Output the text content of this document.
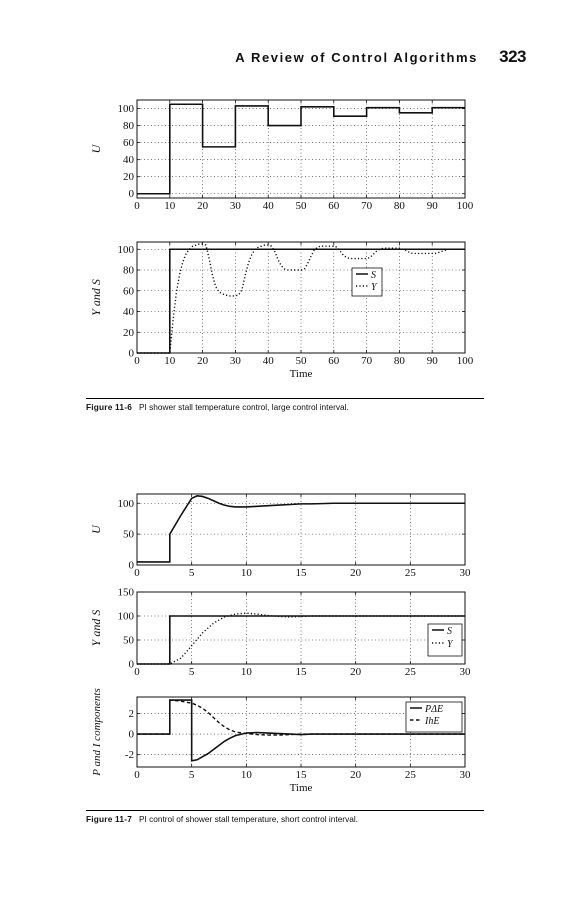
A Review of Control Algorithms 323
0 10 20 30 40 50 60 70 80 90 100
0
20
40
60
80
100
U
0 10 20 30 40 50 60 70 80 90 100
0
20
40
60
80
100
Y and S
Time
S
Y
Figure 11-6 PI shower stall temperature control, large control interval.
0	5	10	15	20	25	30
0
50
100
U
0	5	10	15	20	25	30
0
50
100
150
Y and S	S
Y
0	5	10	15	20	25	30
-2
0
2
P and I components
Time
PΔE
IhE
Figure 11-7 PI control of shower stall temperature, short control interval.
